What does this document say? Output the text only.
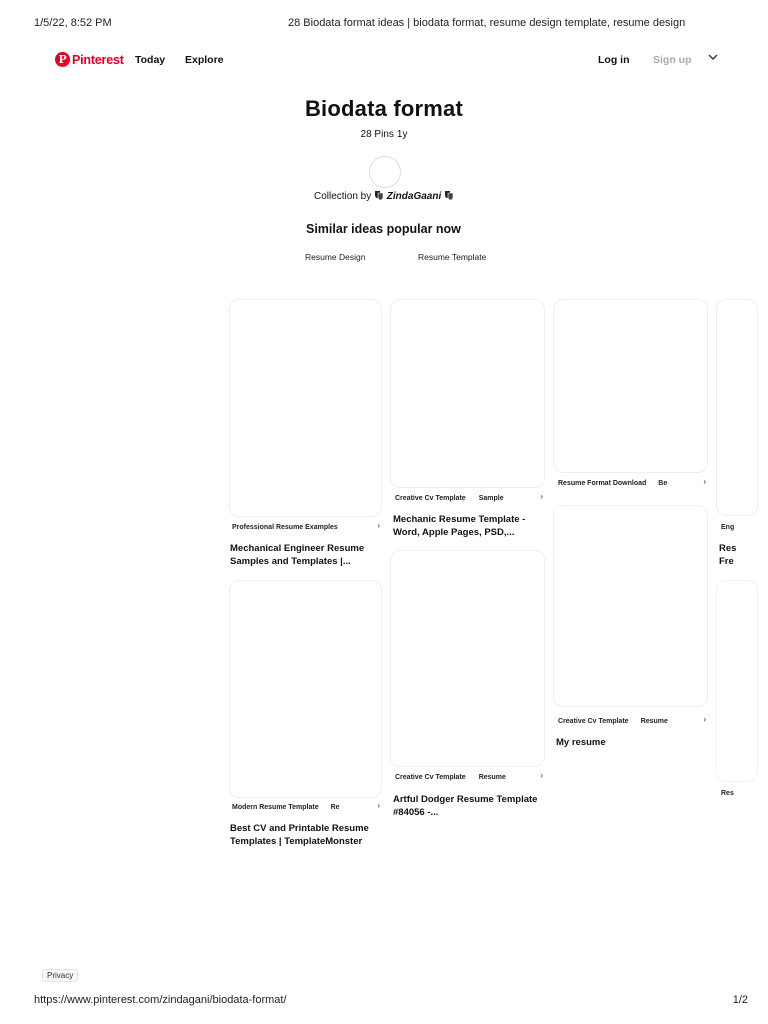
1/5/22, 8:52 PM	28 Biodata format ideas | biodata format, resume design template, resume design
P Pinterest Today Explore	Log in Sign up
Biodata format
28 Pins 1y
Collection by ZindaGaani
Similar ideas popular now
Resume Design	Resume Template
Professional Resume Examples	›
Mechanical Engineer Resume Samples and Templates |...
Modern Resume Template Re	›
Best CV and Printable Resume Templates | TemplateMonster
Creative Cv Template Sample	›
Mechanic Resume Template - Word, Apple Pages, PSD,...
Creative Cv Template Resume	›
Artful Dodger Resume Template #84056 -...
Resume Format Download Be	›
Creative Cv Template Resume	›
My resume
Eng
Res Fre
Res
Privacy
https://www.pinterest.com/zindagani/biodata-format/	1/2
